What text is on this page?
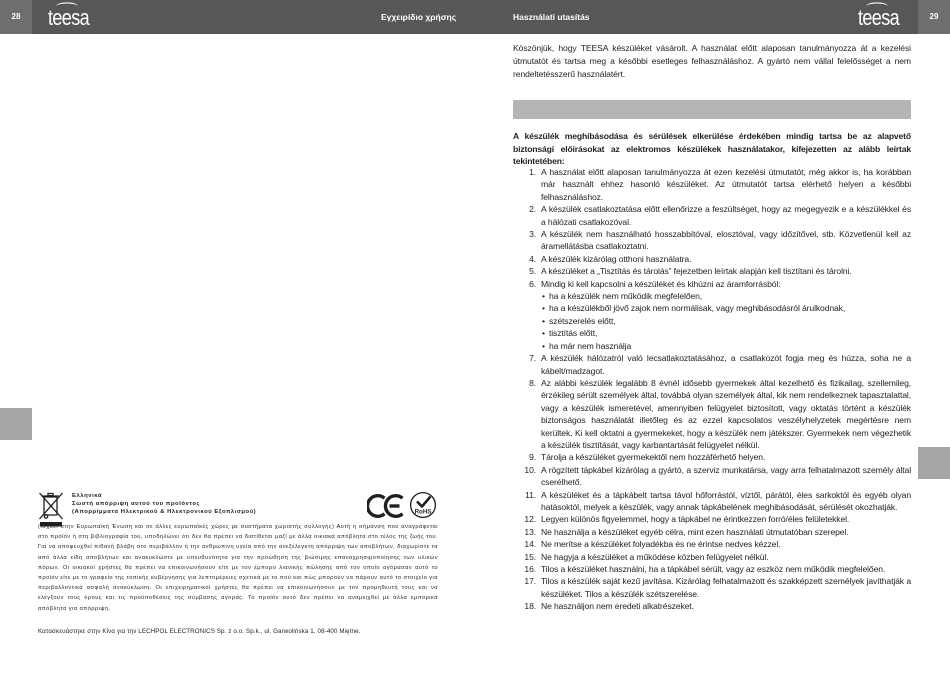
28	teesa	Εγχειρίδιο χρήσης	Használati utasítás	teesa	29
Ελληνικά
Σωστή απόρριψη αυτού του προϊόντος
(Απορρίμματα Ηλεκτρικού & Ηλεκτρονικού Εξοπλισμού)	RoHS
(Ισχύει στην Ευρωπαϊκή Ένωση και σε άλλες ευρωπαϊκές χώρες με συστήματα χωριστής συλλογής) Αυτή η σήμανση που αναγράφεται στο προϊόν ή στη βιβλιογραφία του, υποδηλώνει ότι δεν θα πρέπει να διατίθεται μαζί με άλλα οικιακά απόβλητα στο τέλος της ζωής του. Για να αποφευχθεί πιθανή βλάβη στο περιβάλλον ή την ανθρώπινη υγεία από την ανεξέλεγκτη απόρριψη των αποβλήτων, διαχωρίστε τα από άλλα είδη αποβλήτων και ανακυκλώστε με υπευθυνότητα για την προώθηση της βιώσιμης επαναχρησιμοποίησης των υλικών πόρων. Οι οικιακοί χρήστες θα πρέπει να επικοινωνήσουν είτε με τον έμπορο λιανικής πώλησης από τον οποίο αγόρασαν αυτό το προϊόν είτε με το γραφείο της τοπικής κυβέρνησης για λεπτομέρειες σχετικά με το πού και πώς μπορούν να πάρουν αυτό το στοιχείο για περιβαλλοντικά ασφαλή ανακύκλωση. Οι επιχειρηματικοί χρήστες θα πρέπει να επικοινωνήσουν με τον προμηθευτή τους και να ελέγξουν τους όρους και τις προϋποθέσεις της σύμβασης αγοράς. Το προϊόν αυτό δεν πρέπει να αναμειχθεί με άλλα εμπορικά απόβλητα για απόρριψη.
Κατασκευάστηκε στην Κίνα για την LECHPOL ELECTRONICS Sp. z o.o. Sp.k., ul. Garwolińska 1, 08-400 Miętne.
Köszönjük, hogy TEESA készüléket vásárolt. A használat előtt alaposan tanulmányozza át a kezelési útmutatót és tartsa meg a későbbi esetleges felhasználáshoz. A gyártó nem vállal felelősséget a nem rendeltetésszerű használatért.
A készülék meghibásodása és sérülések elkerülése érdekében mindig tartsa be az alapvető biztonsági előírásokat az elektromos készülékek használatakor, kifejezetten az alább leírtak tekintetében:
1. A használat előtt alaposan tanulmányozza át ezen kezelési útmutatót, még akkor is, ha korábban már használt ehhez hasonló készüléket. Az útmutatót tartsa elérhető helyen a későbbi felhasználáshoz.
2. A készülék csatlakoztatása előtt ellenőrizze a feszültséget, hogy az megegyezik e a készülékkel és a hálózati csatlakozóval.
3. A készülék nem használható hosszabbítóval, elosztóval, vagy időzítővel, stb. Közvetlenül kell az áramellátásba csatlakoztatni.
4. A készülék kizárólag otthoni használatra.
5. A készüléket a „Tisztítás és tárolás” fejezetben leírtak alapján kell tisztítani és tárolni.
6. Mindig ki kell kapcsolni a készüléket és kihúzni az áramforrásból:
• ha a készülék nem működik megfelelően,
• ha a készülékből jövő zajok nem normálisak, vagy meghibásodásról árulkodnak,
• szétszerelés előtt,
• tisztítás előtt,
• ha már nem használja
7. A készülék hálózatról való lecsatlakoztatásához, a csatlakozót fogja meg és húzza, soha ne a kábelt/madzagot.
8. Az alábbi készülék legalább 8 évnél idősebb gyermekek által kezelhető és fizikailag, szellemileg, érzékileg sérült személyek által, továbbá olyan személyek által, kik nem rendelkeznek tapasztalattal, vagy a készülék ismeretével, amennyiben felügyelet biztosított, vagy oktatás történt a készülék biztonságos használatát illetőleg és az ezzel kapcsolatos veszélyhelyzetek megértésre nem kerültek. Ki kell oktatni a gyermekeket, hogy a készülék nem játékszer. Gyermekek nem végezhetik a készülék tisztítását, vagy karbantartását felügyelet nélkül.
9. Tárolja a készüléket gyermekektől nem hozzáférhető helyen.
10. A rögzített tápkábel kizárólag a gyártó, a szerviz munkatársa, vagy arra felhatalmazott személy által cserélhető.
11. A készüléket és a tápkábelt tartsa távol hőforrástól, víztől, párától, éles sarkoktól és egyéb olyan hatásoktól, melyek a készülék, vagy annak tápkábelének meghibásodását, sérülését okozhatják.
12. Legyen különös figyelemmel, hogy a tápkábel ne érintkezzen forró/éles felületekkel.
13. Ne használja a készüléket egyéb célra, mint ezen használati útmutatóban szerepel.
14. Ne merítse a készüléket folyadékba és ne érintse nedves kézzel.
15. Ne hagyja a készüléket a működése közben felügyelet nélkül.
16. Tilos a készüléket használni, ha a tápkábel sérült, vagy az eszköz nem működik megfelelően.
17. Tilos a készülék saját kezű javítása. Kizárólag felhatalmazott és szakképzett személyek javíthatják a készüléket. Tilos a készülék szétszerelése.
18. Ne használjon nem eredeti alkatrészeket.
